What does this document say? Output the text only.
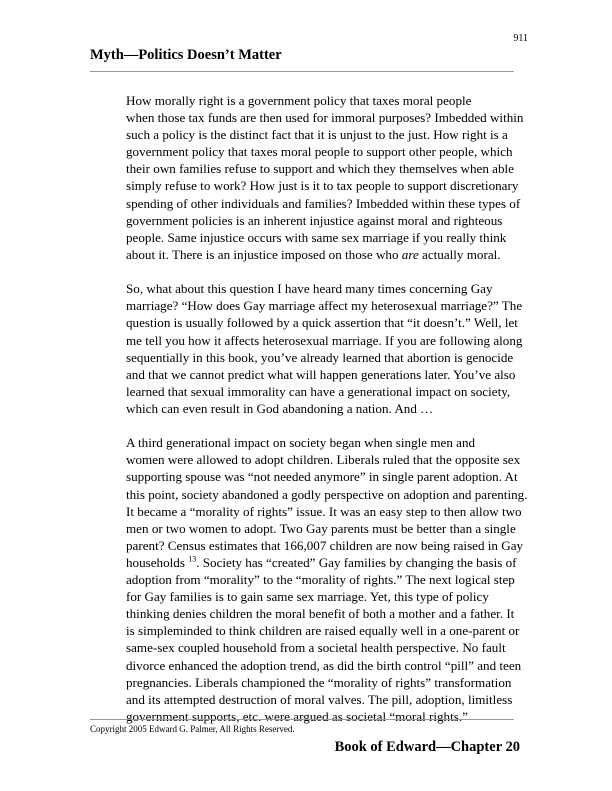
911
Myth—Politics Doesn’t Matter

How morally right is a government policy that taxes moral people
when those tax funds are then used for immoral purposes? Imbedded within
such a policy is the distinct fact that it is unjust to the just. How right is a
government policy that taxes moral people to support other people, which
their own families refuse to support and which they themselves when able
simply refuse to work? How just is it to tax people to support discretionary
spending of other individuals and families? Imbedded within these types of
government policies is an inherent injustice against moral and righteous
people. Same injustice occurs with same sex marriage if you really think
about it. There is an injustice imposed on those who are actually moral.

So, what about this question I have heard many times concerning Gay
marriage? “How does Gay marriage affect my heterosexual marriage?” The
question is usually followed by a quick assertion that “it doesn’t.” Well, let
me tell you how it affects heterosexual marriage. If you are following along
sequentially in this book, you’ve already learned that abortion is genocide
and that we cannot predict what will happen generations later. You’ve also
learned that sexual immorality can have a generational impact on society,
which can even result in God abandoning a nation. And …

A third generational impact on society began when single men and
women were allowed to adopt children. Liberals ruled that the opposite sex
supporting spouse was “not needed anymore” in single parent adoption. At
this point, society abandoned a godly perspective on adoption and parenting.
It became a “morality of rights” issue. It was an easy step to then allow two
men or two women to adopt. Two Gay parents must be better than a single
parent? Census estimates that 166,007 children are now being raised in Gay
households $^{13}$. Society has “created” Gay families by changing the basis of
adoption from “morality” to the “morality of rights.” The next logical step
for Gay families is to gain same sex marriage. Yet, this type of policy
thinking denies children the moral benefit of both a mother and a father. It
is simpleminded to think children are raised equally well in a one-parent or
same-sex coupled household from a societal health perspective. No fault
divorce enhanced the adoption trend, as did the birth control “pill” and teen
pregnancies. Liberals championed the “morality of rights” transformation
and its attempted destruction of moral valves. The pill, adoption, limitless
government supports, etc. were argued as societal “moral rights.”

Copyright 2005 Edward G. Palmer, All Rights Reserved.
Book of Edward—Chapter 20
